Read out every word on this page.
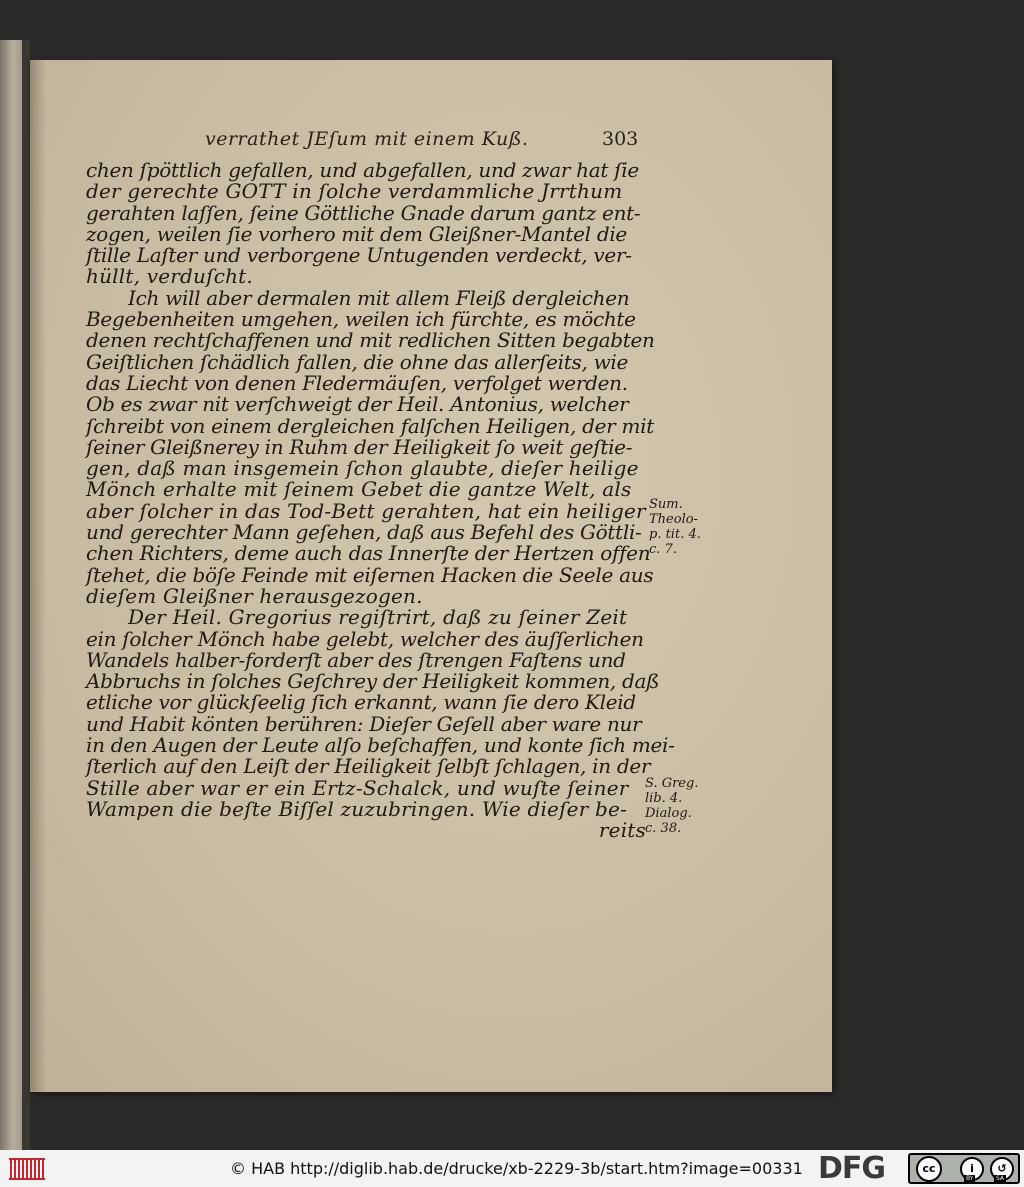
verrathet JEſum mit einem Kuß.	303
chen ſpöttlich gefallen, und abgefallen, und zwar hat ſie
der gerechte GOTT in ſolche verdammliche Jrrthum
gerahten laſſen, ſeine Göttliche Gnade darum gantz ent-
zogen, weilen ſie vorhero mit dem Gleißner-Mantel die
ſtille Laſter und verborgene Untugenden verdeckt, ver-
hüllt, verduſcht.
Ich will aber dermalen mit allem Fleiß dergleichen
Begebenheiten umgehen, weilen ich fürchte, es möchte
denen rechtſchaffenen und mit redlichen Sitten begabten
Geiſtlichen ſchädlich fallen, die ohne das allerſeits, wie
das Liecht von denen Fledermäuſen, verfolget werden.
Ob es zwar nit verſchweigt der Heil. Antonius, welcher
ſchreibt von einem dergleichen falſchen Heiligen, der mit
ſeiner Gleißnerey in Ruhm der Heiligkeit ſo weit geſtie-
gen, daß man insgemein ſchon glaubte, dieſer heilige
Mönch erhalte mit ſeinem Gebet die gantze Welt, als
aber ſolcher in das Tod-Bett gerahten, hat ein heiliger
und gerechter Mann geſehen, daß aus Befehl des Göttli-
chen Richters, deme auch das Innerſte der Hertzen offen
ſtehet, die böſe Feinde mit eiſernen Hacken die Seele aus
dieſem Gleißner herausgezogen.
Der Heil. Gregorius regiſtrirt, daß zu ſeiner Zeit
ein ſolcher Mönch habe gelebt, welcher des äuſſerlichen
Wandels halber-forderſt aber des ſtrengen Faſtens und
Abbruchs in ſolches Geſchrey der Heiligkeit kommen, daß
etliche vor glückſeelig ſich erkannt, wann ſie dero Kleid
und Habit könten berühren: Dieſer Geſell aber ware nur
in den Augen der Leute alſo beſchaffen, und konte ſich mei-
ſterlich auf den Leiſt der Heiligkeit ſelbſt ſchlagen, in der
Stille aber war er ein Ertz-Schalck, und wuſte ſeiner
Wampen die beſte Biſſel zuzubringen. Wie dieſer be-
reits
Sum.
Theolo-
p. tit. 4.
c. 7.
S. Greg.
lib. 4.
Dialog.
c. 38.
© HAB http://diglib.hab.de/drucke/xb-2229-3b/start.htm?image=00331 DFG	cc	i	↺
BY	SA
